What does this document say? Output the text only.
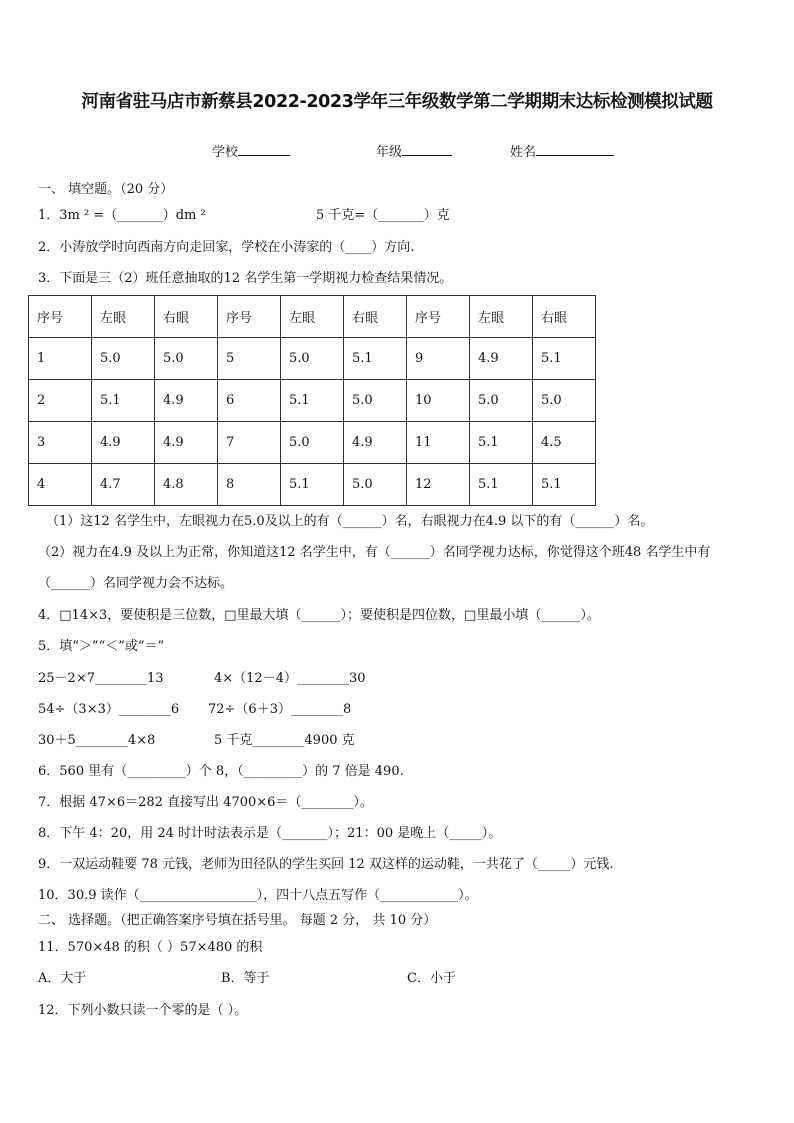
河南省驻马店市新蔡县2022-2023学年三年级数学第二学期期末达标检测模拟试题
学校	年级	姓名
一、 填空题。（20 分）
1．3m ² =（_______）dm ²	5 千克=（_______）克
2．小涛放学时向西南方向走回家，学校在小涛家的（____）方向.
3．下面是三（2）班任意抽取的12 名学生第一学期视力检查结果情况。
序号	左眼	右眼	序号	左眼	右眼	序号	左眼	右眼
1	5.0	5.0	5	5.0	5.1	9	4.9	5.1
2	5.1	4.9	6	5.1	5.0	10	5.0	5.0
3	4.9	4.9	7	5.0	4.9	11	5.1	4.5
4	4.7	4.8	8	5.1	5.0	12	5.1	5.1
（1）这12 名学生中，左眼视力在5.0及以上的有（______）名，右眼视力在4.9 以下的有（______）名。
（2）视力在4.9 及以上为正常，你知道这12 名学生中，有（______）名同学视力达标，你觉得这个班48 名学生中有
（______）名同学视力会不达标。
4．□14×3，要使积是三位数，□里最大填（______）；要使积是四位数，□里最小填（______）。
5．填“＞”“＜”或“＝”
25－2×7________13	4×（12－4）________30
54÷（3×3）________6 72÷（6＋3）________8
30＋5________4×8	5 千克________4900 克
6．560 里有（_________）个 8，（_________）的 7 倍是 490.
7．根据 47×6＝282 直接写出 4700×6＝（________）。
8．下午 4：20，用 24 时计时法表示是（_______）；21：00 是晚上（_____）。
9．一双运动鞋要 78 元钱，老师为田径队的学生买回 12 双这样的运动鞋，一共花了（_____）元钱.
10．30.9 读作（__________________），四十八点五写作（____________）。
二、 选择题。（把正确答案序号填在括号里。 每题 2 分， 共 10 分）
11．570×48 的积（ ）57×480 的积
A．大于	B．等于	C．小于
12．下列小数只读一个零的是（ ）。
